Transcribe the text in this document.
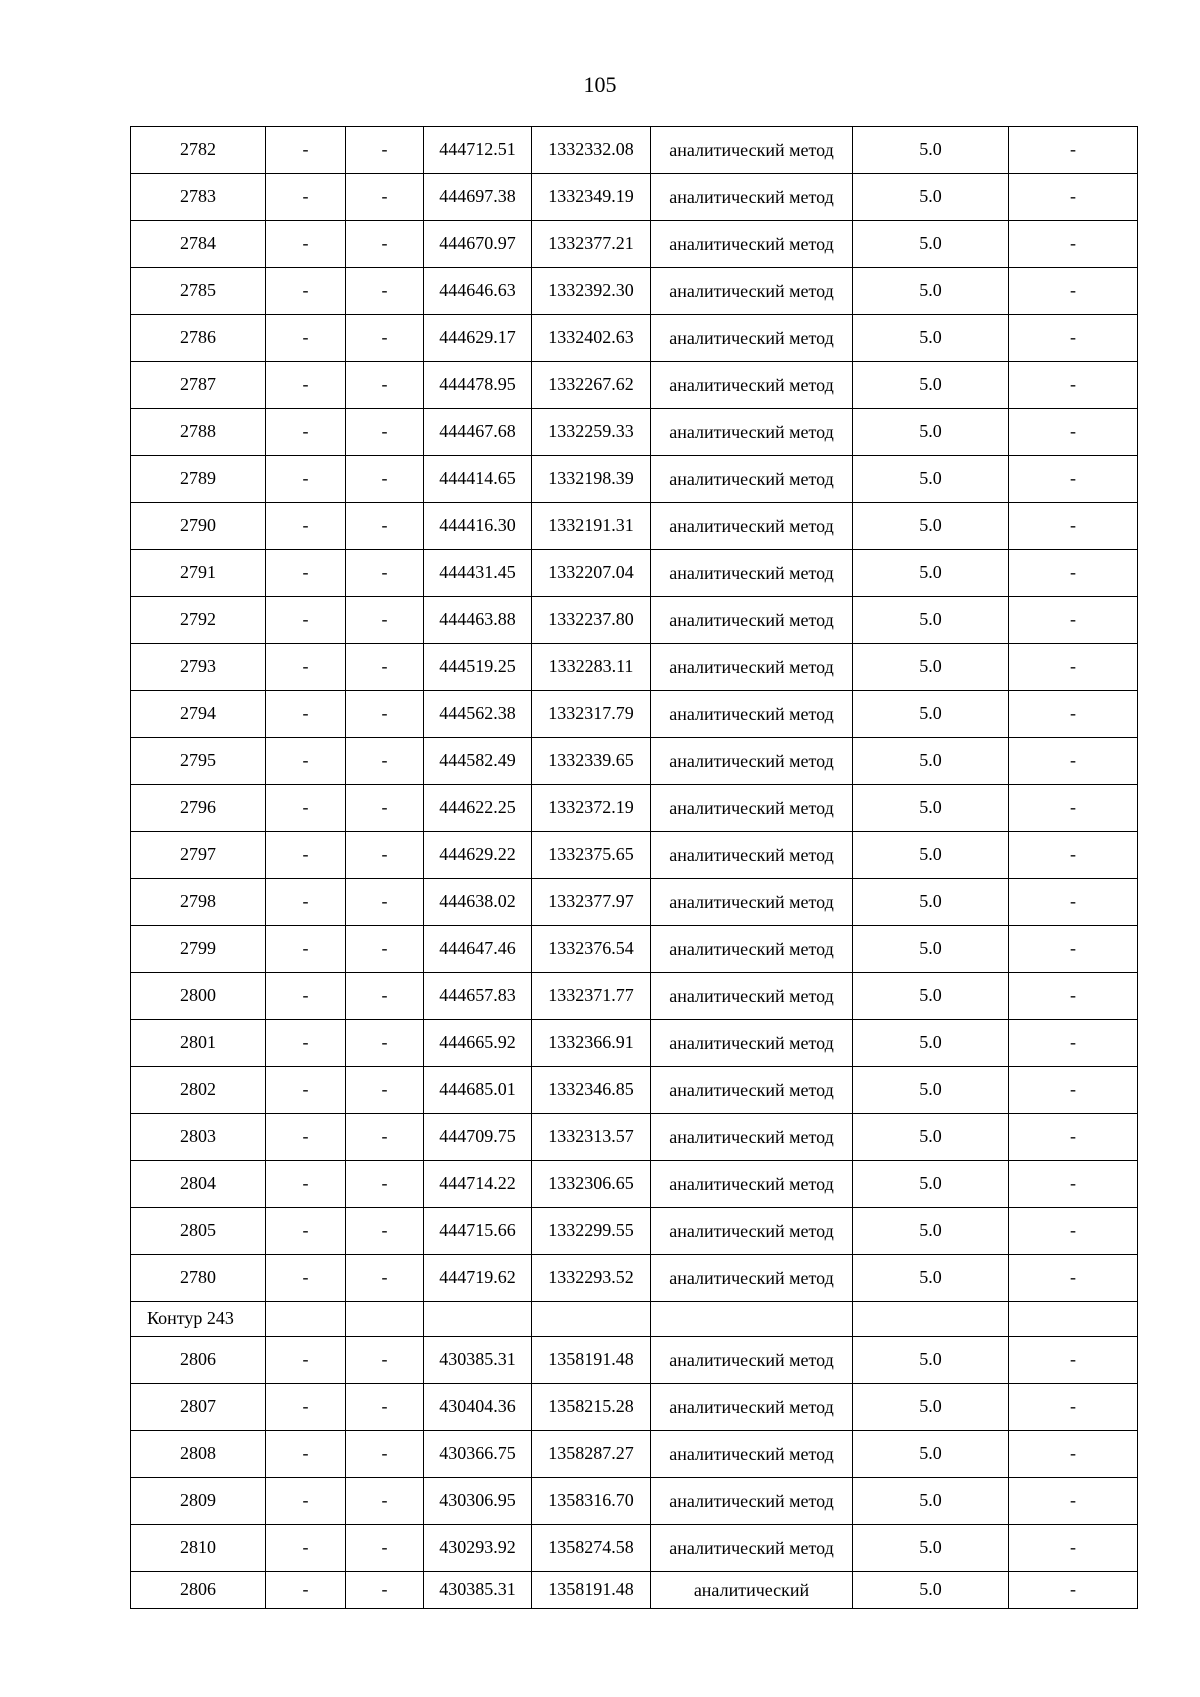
105
2782	-	-	444712.51	1332332.08	аналитический метод	5.0	-
2783	-	-	444697.38	1332349.19	аналитический метод	5.0	-
2784	-	-	444670.97	1332377.21	аналитический метод	5.0	-
2785	-	-	444646.63	1332392.30	аналитический метод	5.0	-
2786	-	-	444629.17	1332402.63	аналитический метод	5.0	-
2787	-	-	444478.95	1332267.62	аналитический метод	5.0	-
2788	-	-	444467.68	1332259.33	аналитический метод	5.0	-
2789	-	-	444414.65	1332198.39	аналитический метод	5.0	-
2790	-	-	444416.30	1332191.31	аналитический метод	5.0	-
2791	-	-	444431.45	1332207.04	аналитический метод	5.0	-
2792	-	-	444463.88	1332237.80	аналитический метод	5.0	-
2793	-	-	444519.25	1332283.11	аналитический метод	5.0	-
2794	-	-	444562.38	1332317.79	аналитический метод	5.0	-
2795	-	-	444582.49	1332339.65	аналитический метод	5.0	-
2796	-	-	444622.25	1332372.19	аналитический метод	5.0	-
2797	-	-	444629.22	1332375.65	аналитический метод	5.0	-
2798	-	-	444638.02	1332377.97	аналитический метод	5.0	-
2799	-	-	444647.46	1332376.54	аналитический метод	5.0	-
2800	-	-	444657.83	1332371.77	аналитический метод	5.0	-
2801	-	-	444665.92	1332366.91	аналитический метод	5.0	-
2802	-	-	444685.01	1332346.85	аналитический метод	5.0	-
2803	-	-	444709.75	1332313.57	аналитический метод	5.0	-
2804	-	-	444714.22	1332306.65	аналитический метод	5.0	-
2805	-	-	444715.66	1332299.55	аналитический метод	5.0	-
2780	-	-	444719.62	1332293.52	аналитический метод	5.0	-
Контур 243							
2806	-	-	430385.31	1358191.48	аналитический метод	5.0	-
2807	-	-	430404.36	1358215.28	аналитический метод	5.0	-
2808	-	-	430366.75	1358287.27	аналитический метод	5.0	-
2809	-	-	430306.95	1358316.70	аналитический метод	5.0	-
2810	-	-	430293.92	1358274.58	аналитический метод	5.0	-
2806	-	-	430385.31	1358191.48	аналитический	5.0	-
